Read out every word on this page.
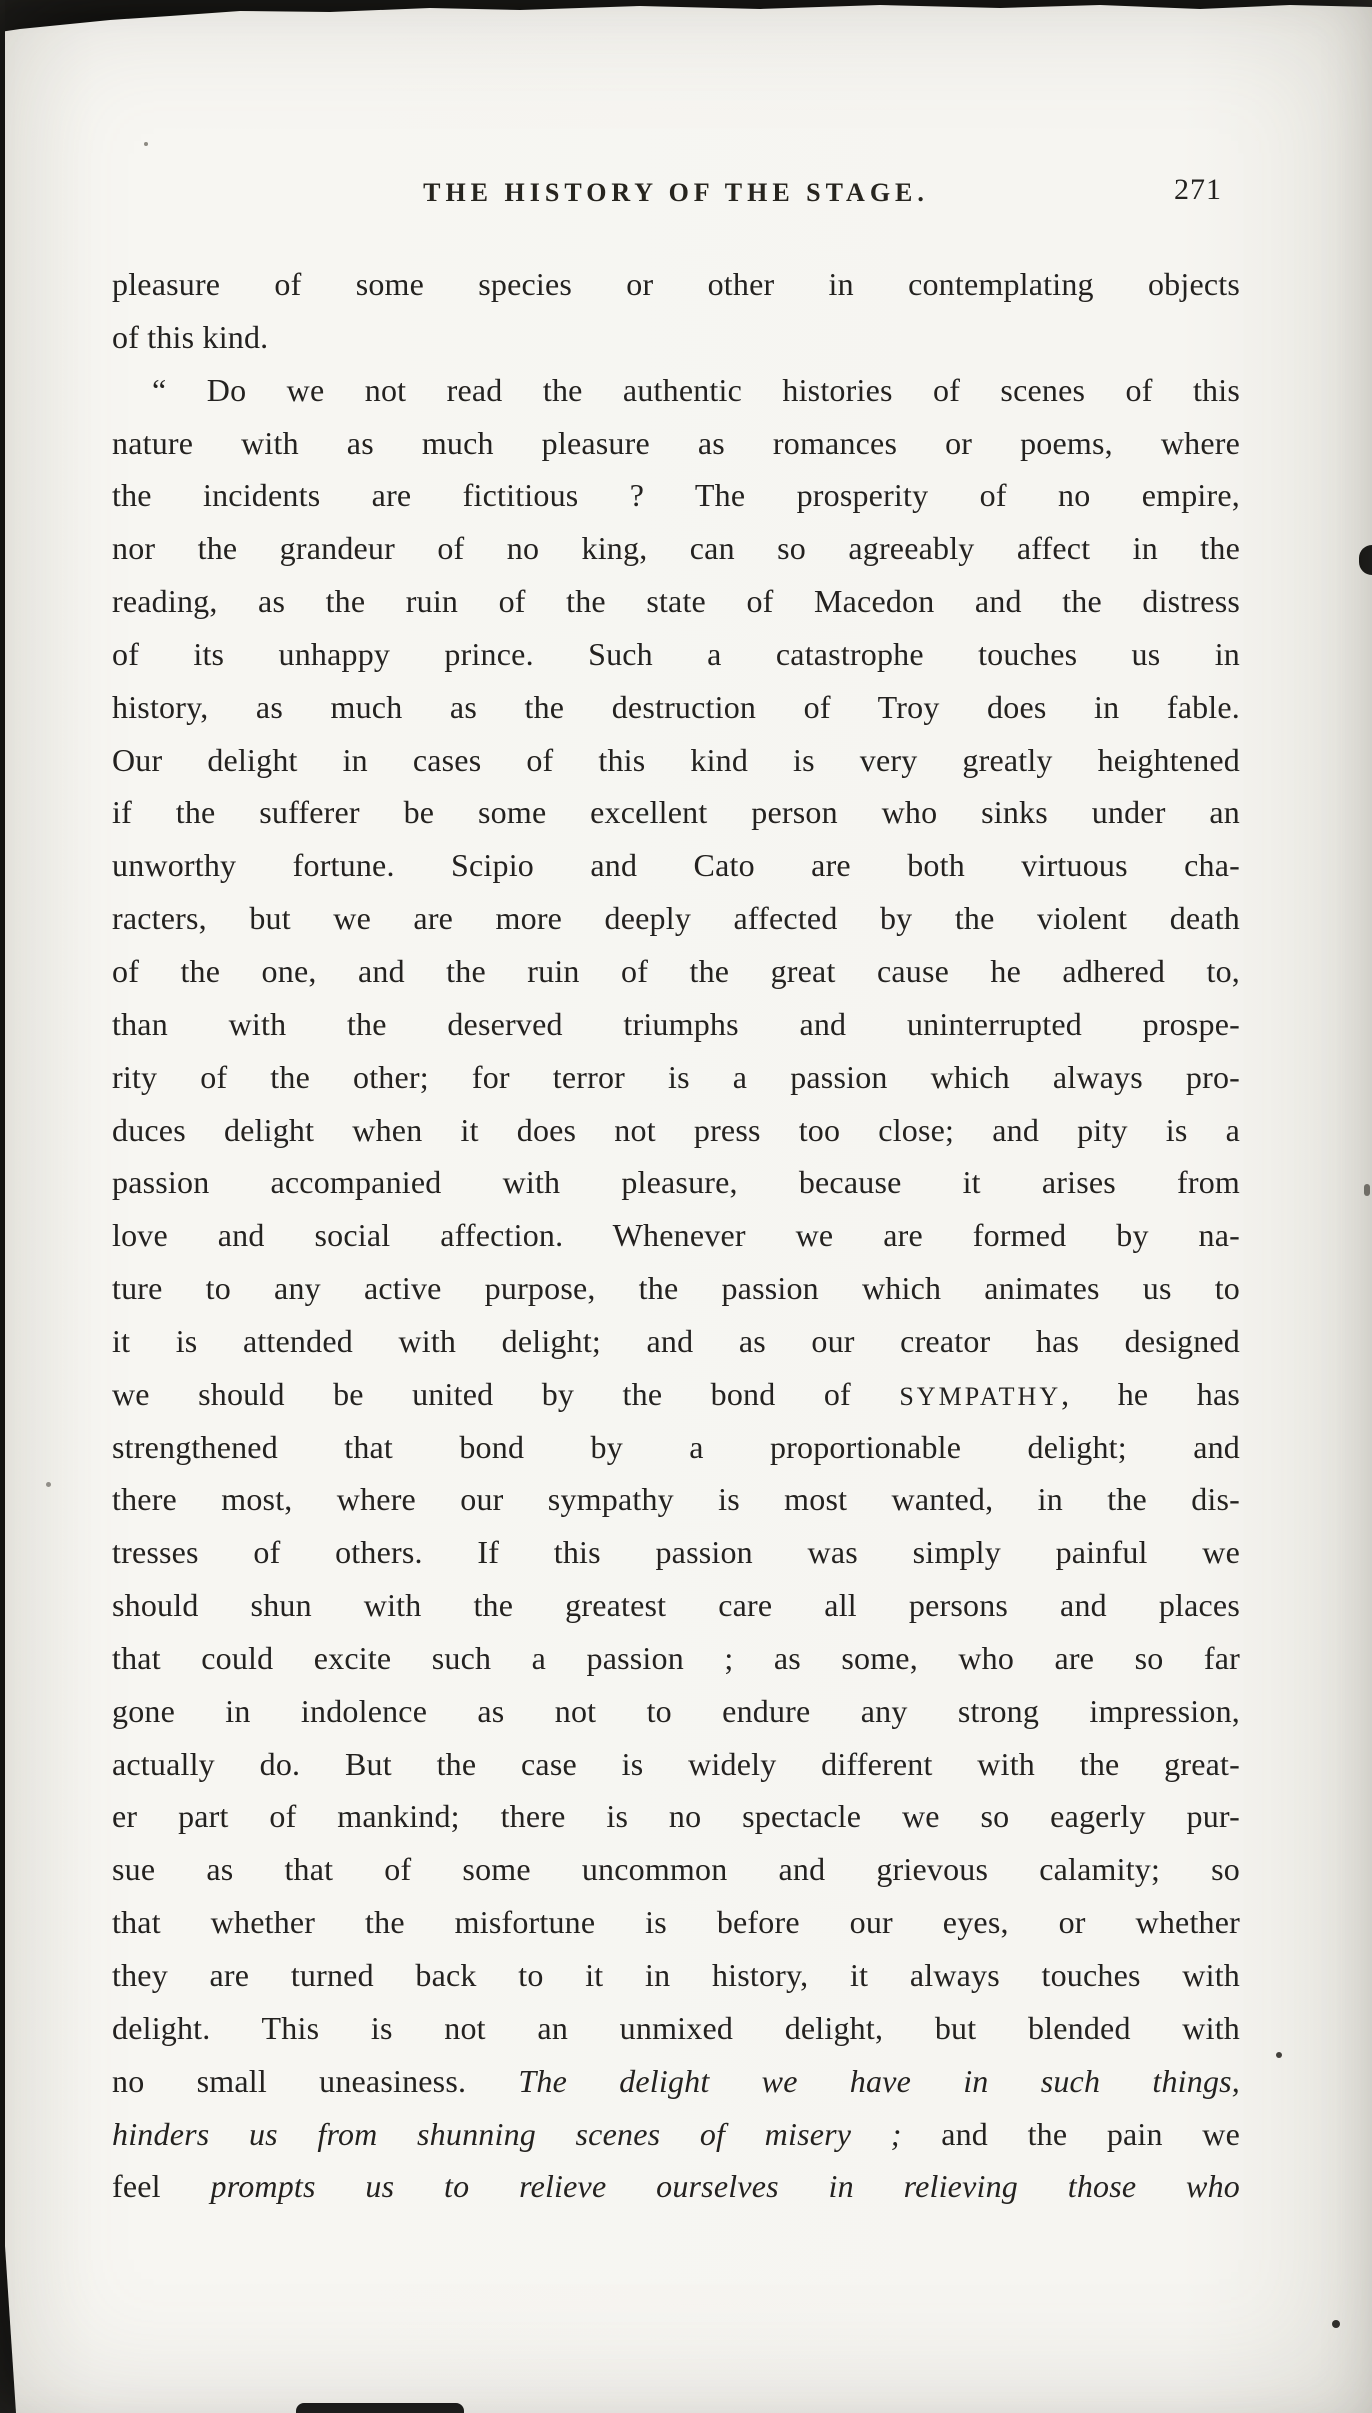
THE HISTORY OF THE STAGE.	271
pleasure of some species or other in contemplating objects
of this kind.
“ Do we not read the authentic histories of scenes of this
nature with as much pleasure as romances or poems, where
the incidents are fictitious ? The prosperity of no empire,
nor the grandeur of no king, can so agreeably affect in the
reading, as the ruin of the state of Macedon and the distress
of its unhappy prince. Such a catastrophe touches us in
history, as much as the destruction of Troy does in fable.
Our delight in cases of this kind is very greatly heightened
if the sufferer be some excellent person who sinks under an
unworthy fortune. Scipio and Cato are both virtuous cha-
racters, but we are more deeply affected by the violent death
of the one, and the ruin of the great cause he adhered to,
than with the deserved triumphs and uninterrupted prospe-
rity of the other; for terror is a passion which always pro-
duces delight when it does not press too close; and pity is a
passion accompanied with pleasure, because it arises from
love and social affection. Whenever we are formed by na-
ture to any active purpose, the passion which animates us to
it is attended with delight; and as our creator has designed
we should be united by the bond of SYMPATHY, he has
strengthened that bond by a proportionable delight; and
there most, where our sympathy is most wanted, in the dis-
tresses of others. If this passion was simply painful we
should shun with the greatest care all persons and places
that could excite such a passion ; as some, who are so far
gone in indolence as not to endure any strong impression,
actually do. But the case is widely different with the great-
er part of mankind; there is no spectacle we so eagerly pur-
sue as that of some uncommon and grievous calamity; so
that whether the misfortune is before our eyes, or whether
they are turned back to it in history, it always touches with
delight. This is not an unmixed delight, but blended with
no small uneasiness. The delight we have in such things,
hinders us from shunning scenes of misery ; and the pain we
feel prompts us to relieve ourselves in relieving those who
